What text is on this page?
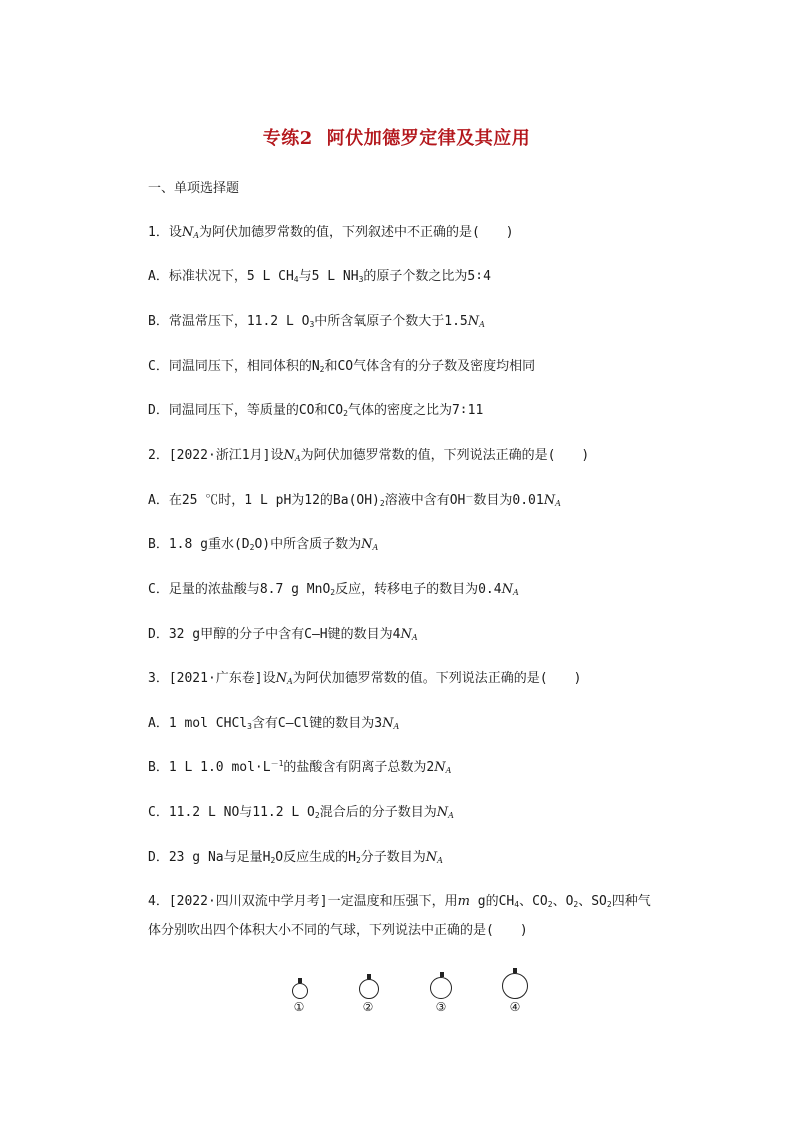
专练2 阿伏加德罗定律及其应用
一、单项选择题
1．设$N_A$为阿伏加德罗常数的值，下列叙述中不正确的是(　　)
A．标准状况下，5 L $CH_4$与5 L $NH_3$的原子个数之比为5∶4
B．常温常压下，11.2 L $O_3$中所含氧原子个数大于$1.5N_A$
C．同温同压下，相同体积的$N_2$和CO气体含有的分子数及密度均相同
D．同温同压下，等质量的CO和$CO_2$气体的密度之比为7∶11
2．[2022·浙江1月]设$N_A$为阿伏加德罗常数的值，下列说法正确的是(　　)
A．在25 ℃时，1 L pH为12的$Ba(OH)_2$溶液中含有OH－数目为$0.01N_A$
B．1.8 g重水$(D_2O)$中所含质子数为$N_A$
C．足量的浓盐酸与8.7 g MnO$_2$反应，转移电子的数目为$0.4N_A$
D．32 g甲醇的分子中含有C—H键的数目为$4N_A$
3．[2021·广东卷]设$N_A$为阿伏加德罗常数的值。下列说法正确的是(　　)
A．1 mol CHCl$_3$含有C—Cl键的数目为$3N_A$
B．1 L 1.0 $mol\cdot L^{-1}$的盐酸含有阴离子总数为$2N_A$
C．11.2 L NO与11.2 L $O_2$混合后的分子数目为$N_A$
D．23 g Na与足量$H_2O$反应生成的$H_2$分子数目为$N_A$
4．[2022·四川双流中学月考]一定温度和压强下，用m g的$CH_4$、$CO_2$、$O_2$、$SO_2$四种气
体分别吹出四个体积大小不同的气球，下列说法中正确的是(　　)
①	②	③	④
